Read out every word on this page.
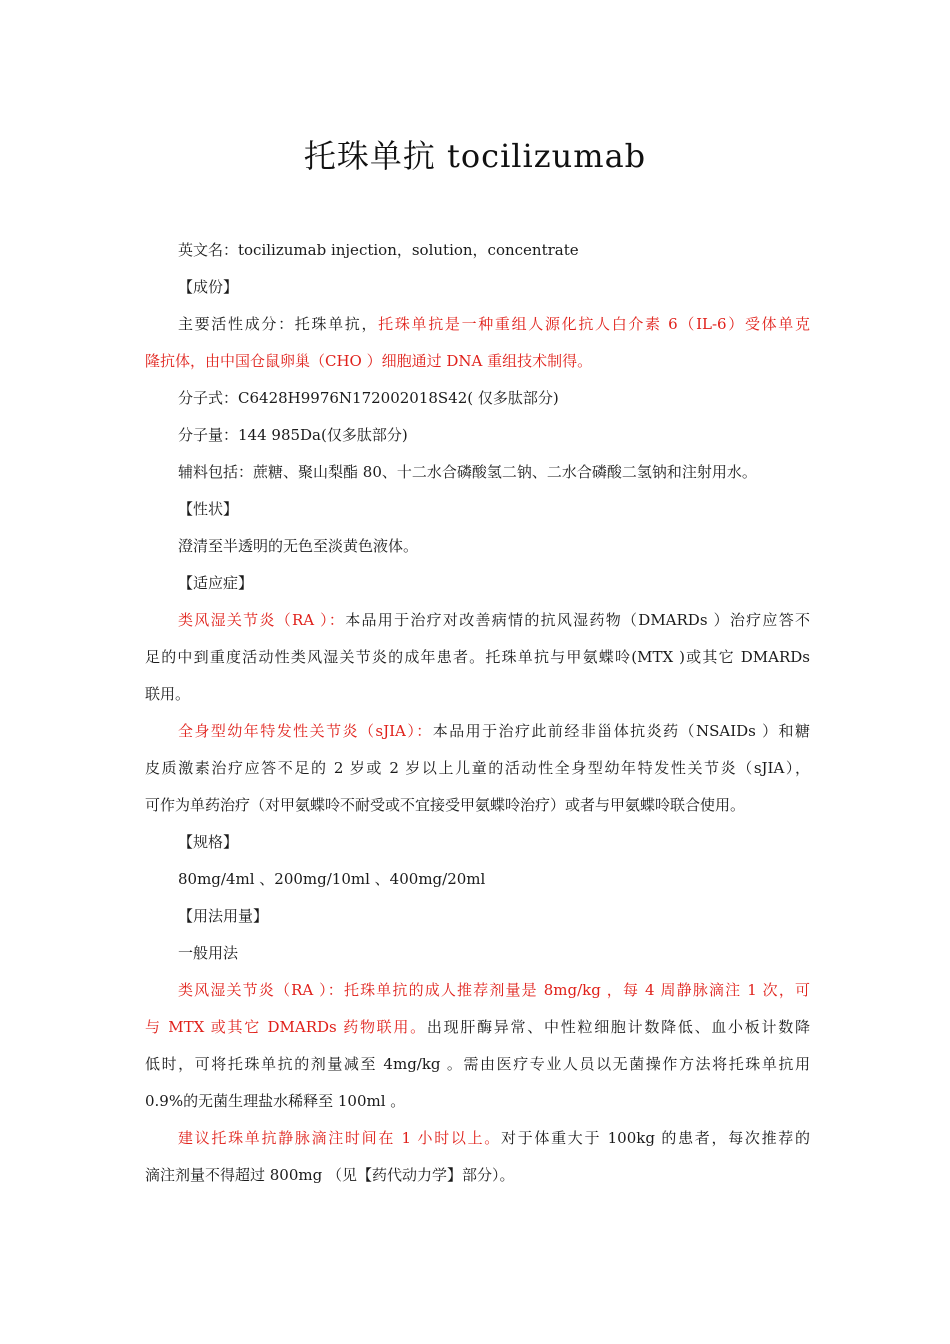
托珠单抗 tocilizumab
英文名：tocilizumab injection，solution，concentrate
【成份】
主要活性成分：托珠单抗，托珠单抗是一种重组人源化抗人白介素 6（IL-6）受体单克
隆抗体，由中国仓鼠卵巢（CHO ）细胞通过 DNA 重组技术制得。
分子式：C6428H9976N172002018S42( 仅多肽部分)
分子量：144 985Da(仅多肽部分)
辅料包括：蔗糖、聚山梨酯 80、十二水合磷酸氢二钠、二水合磷酸二氢钠和注射用水。
【性状】
澄清至半透明的无色至淡黄色液体。
【适应症】
类风湿关节炎（RA ）：本品用于治疗对改善病情的抗风湿药物（DMARDs ）治疗应答不
足的中到重度活动性类风湿关节炎的成年患者。托珠单抗与甲氨蝶呤(MTX )或其它 DMARDs
联用。
全身型幼年特发性关节炎（sJIA）：本品用于治疗此前经非甾体抗炎药（NSAIDs ）和糖
皮质激素治疗应答不足的 2 岁或 2 岁以上儿童的活动性全身型幼年特发性关节炎（sJIA），
可作为单药治疗（对甲氨蝶呤不耐受或不宜接受甲氨蝶呤治疗）或者与甲氨蝶呤联合使用。
【规格】
80mg/4ml 、200mg/10ml 、400mg/20ml
【用法用量】
一般用法
类风湿关节炎（RA ）：托珠单抗的成人推荐剂量是 8mg/kg ，每 4 周静脉滴注 1 次，可
与 MTX 或其它 DMARDs 药物联用。出现肝酶异常、中性粒细胞计数降低、血小板计数降
低时，可将托珠单抗的剂量减至 4mg/kg 。需由医疗专业人员以无菌操作方法将托珠单抗用
0.9%的无菌生理盐水稀释至 100ml 。
建议托珠单抗静脉滴注时间在 1 小时以上。对于体重大于 100kg 的患者，每次推荐的
滴注剂量不得超过 800mg （见【药代动力学】部分）。
